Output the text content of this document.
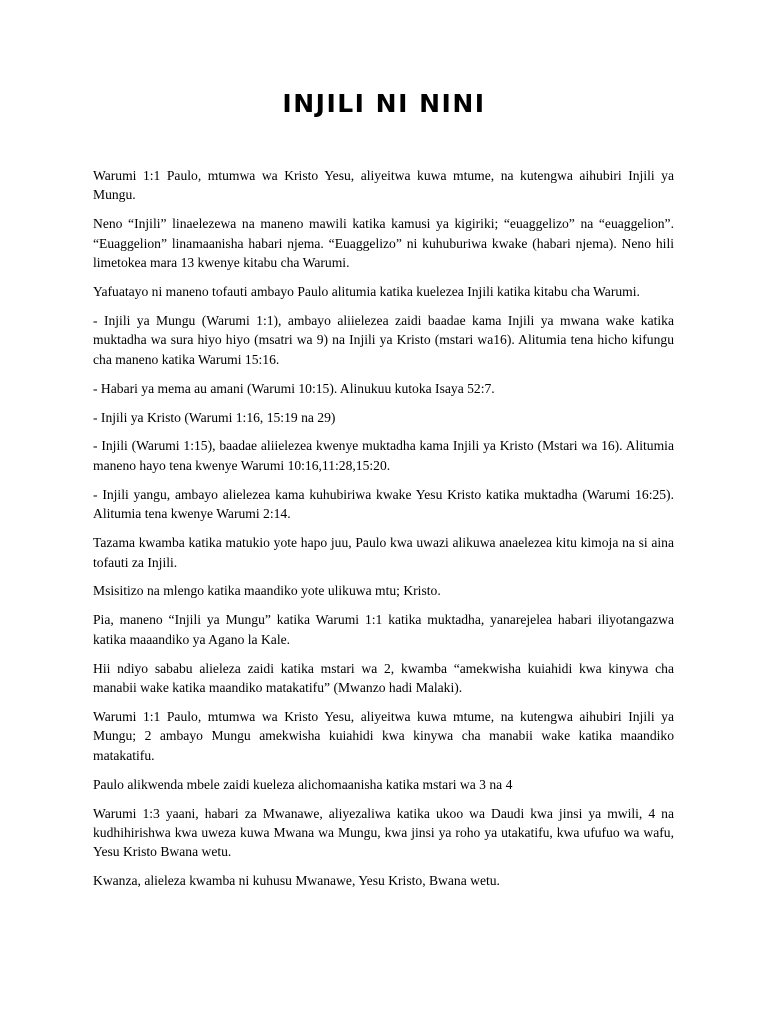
INJILI NI NINI

Warumi 1:1 Paulo, mtumwa wa Kristo Yesu, aliyeitwa kuwa mtume, na kutengwa aihubiri Injili ya Mungu.

Neno “Injili” linaelezewa na maneno mawili katika kamusi ya kigiriki; “euaggelizo” na “euaggelion”. “Euaggelion” linamaanisha habari njema. “Euaggelizo” ni kuhuburiwa kwake (habari njema). Neno hili limetokea mara 13 kwenye kitabu cha Warumi.

Yafuatayo ni maneno tofauti ambayo Paulo alitumia katika kuelezea Injili katika kitabu cha Warumi.

- Injili ya Mungu (Warumi 1:1), ambayo aliielezea zaidi baadae kama Injili ya mwana wake katika muktadha wa sura hiyo hiyo (msatri wa 9) na Injili ya Kristo (mstari wa16). Alitumia tena hicho kifungu cha maneno katika Warumi 15:16.

- Habari ya mema au amani (Warumi 10:15). Alinukuu kutoka Isaya 52:7.

- Injili ya Kristo (Warumi 1:16, 15:19 na 29)

- Injili (Warumi 1:15), baadae aliielezea kwenye muktadha kama Injili ya Kristo (Mstari wa 16). Alitumia maneno hayo tena kwenye Warumi 10:16,11:28,15:20.

- Injili yangu, ambayo alielezea kama kuhubiriwa kwake Yesu Kristo katika muktadha (Warumi 16:25). Alitumia tena kwenye Warumi 2:14.

Tazama kwamba katika matukio yote hapo juu, Paulo kwa uwazi alikuwa anaelezea kitu kimoja na si aina tofauti za Injili.

Msisitizo na mlengo katika maandiko yote ulikuwa mtu; Kristo.

Pia, maneno “Injili ya Mungu” katika Warumi 1:1 katika muktadha, yanarejelea habari iliyotangazwa katika maaandiko ya Agano la Kale.

Hii ndiyo sababu alieleza zaidi katika mstari wa 2, kwamba “amekwisha kuiahidi kwa kinywa cha manabii wake katika maandiko matakatifu” (Mwanzo hadi Malaki).

Warumi 1:1 Paulo, mtumwa wa Kristo Yesu, aliyeitwa kuwa mtume, na kutengwa aihubiri Injili ya Mungu; 2 ambayo Mungu amekwisha kuiahidi kwa kinywa cha manabii wake katika maandiko matakatifu.

Paulo alikwenda mbele zaidi kueleza alichomaanisha katika mstari wa 3 na 4

Warumi 1:3 yaani, habari za Mwanawe, aliyezaliwa katika ukoo wa Daudi kwa jinsi ya mwili, 4 na kudhihirishwa kwa uweza kuwa Mwana wa Mungu, kwa jinsi ya roho ya utakatifu, kwa ufufuo wa wafu, Yesu Kristo Bwana wetu.

Kwanza, alieleza kwamba ni kuhusu Mwanawe, Yesu Kristo, Bwana wetu.
